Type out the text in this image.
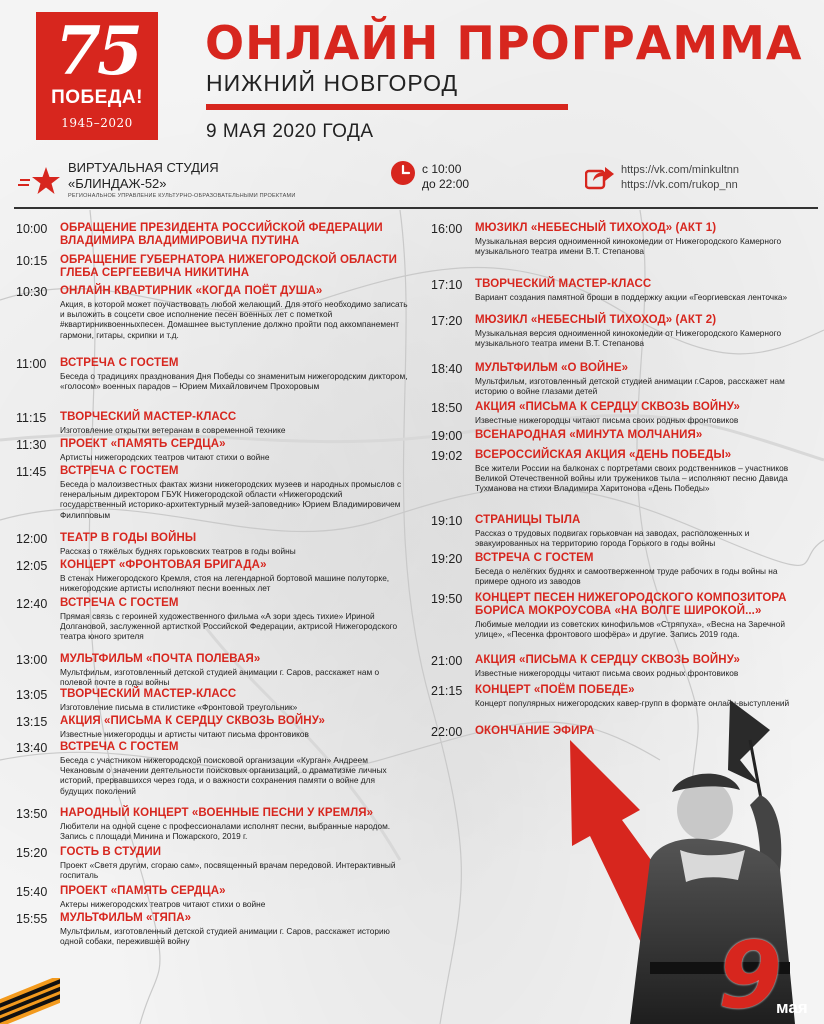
75
ПОБЕДА!
1945–2020
ОНЛАЙН ПРОГРАММА
НИЖНИЙ НОВГОРОД
9 МАЯ 2020 ГОДА
ВИРТУАЛЬНАЯ СТУДИЯ
«БЛИНДАЖ-52»
РЕГИОНАЛЬНОЕ УПРАВЛЕНИЕ КУЛЬТУРНО-ОБРАЗОВАТЕЛЬНЫМИ ПРОЕКТАМИ
с 10:00
до 22:00
https://vk.com/minkultnn
https://vk.com/rukop_nn
10:00	ОБРАЩЕНИЕ ПРЕЗИДЕНТА РОССИЙСКОЙ ФЕДЕРАЦИИ ВЛАДИМИРА ВЛАДИМИРОВИЧА ПУТИНА
10:15	ОБРАЩЕНИЕ ГУБЕРНАТОРА НИЖЕГОРОДСКОЙ ОБЛАСТИ ГЛЕБА СЕРГЕЕВИЧА НИКИТИНА
10:30	ОНЛАЙН КВАРТИРНИК «КОГДА ПОЁТ ДУША»
Акция, в которой может поучаствовать любой желающий. Для этого необходимо записать и выложить в соцсети свое исполнение песен военных лет с пометкой #квартирниквоенныхпесен. Домашнее выступление должно пройти под аккомпанемент гармони, гитары, скрипки и т.д.
11:00	ВСТРЕЧА С ГОСТЕМ
Беседа о традициях празднования Дня Победы со знаменитым нижегородским диктором, «голосом» военных парадов – Юрием Михайловичем Прохоровым
11:15	ТВОРЧЕСКИЙ МАСТЕР-КЛАСС
Изготовление открытки ветеранам в современной технике
11:30	ПРОЕКТ «ПАМЯТЬ СЕРДЦА»
Артисты нижегородских театров читают стихи о войне
11:45	ВСТРЕЧА С ГОСТЕМ
Беседа о малоизвестных фактах жизни нижегородских музеев и народных промыслов с генеральным директором ГБУК Нижегородской области «Нижегородский государственный историко-архитектурный музей-заповедник» Юрием Владимировичем Филипповым
12:00	ТЕАТР В ГОДЫ ВОЙНЫ
Рассказ о тяжёлых буднях горьковских театров в годы войны
12:05	КОНЦЕРТ «ФРОНТОВАЯ БРИГАДА»
В стенах Нижегородского Кремля, стоя на легендарной бортовой машине полуторке, нижегородские артисты исполняют песни военных лет
12:40	ВСТРЕЧА С ГОСТЕМ
Прямая связь с героиней художественного фильма «А зори здесь тихие» Ириной Долгановой, заслуженной артисткой Российской Федерации, актрисой Нижегородского театра юного зрителя
13:00	МУЛЬТФИЛЬМ «ПОЧТА ПОЛЕВАЯ»
Мультфильм, изготовленный детской студией анимации г. Саров, расскажет нам о полевой почте в годы войны
13:05	ТВОРЧЕСКИЙ МАСТЕР-КЛАСС
Изготовление письма в стилистике «Фронтовой треугольник»
13:15	АКЦИЯ «ПИСЬМА К СЕРДЦУ СКВОЗЬ ВОЙНУ»
Известные нижегородцы и артисты читают письма фронтовиков
13:40	ВСТРЕЧА С ГОСТЕМ
Беседа с участником нижегородской поисковой организации «Курган» Андреем Чекановым о значении деятельности поисковых организаций, о драматизме личных историй, прервавшихся через года, и о важности сохранения памяти о войне для будущих поколений
13:50	НАРОДНЫЙ КОНЦЕРТ «ВОЕННЫЕ ПЕСНИ У КРЕМЛЯ»
Любители на одной сцене с профессионалами исполнят песни, выбранные народом. Запись с площади Минина и Пожарского, 2019 г.
15:20	ГОСТЬ В СТУДИИ
Проект «Светя другим, сгораю сам», посвященный врачам передовой. Интерактивный госпиталь
15:40	ПРОЕКТ «ПАМЯТЬ СЕРДЦА»
Актеры нижегородских театров читают стихи о войне
15:55	МУЛЬТФИЛЬМ «ТЯПА»
Мультфильм, изготовленный детской студией анимации г. Саров, расскажет историю одной собаки, пережившей войну
16:00	МЮЗИКЛ «НЕБЕСНЫЙ ТИХОХОД» (АКТ 1)
Музыкальная версия одноименной кинокомедии от Нижегородского Камерного музыкального театра имени В.Т. Степанова
17:10	ТВОРЧЕСКИЙ МАСТЕР-КЛАСС
Вариант создания памятной броши в поддержку акции «Георгиевская ленточка»
17:20	МЮЗИКЛ «НЕБЕСНЫЙ ТИХОХОД» (АКТ 2)
Музыкальная версия одноименной кинокомедии от Нижегородского Камерного музыкального театра имени В.Т. Степанова
18:40	МУЛЬТФИЛЬМ «О ВОЙНЕ»
Мультфильм, изготовленный детской студией анимации г.Саров, расскажет нам историю о войне глазами детей
18:50	АКЦИЯ «ПИСЬМА К СЕРДЦУ СКВОЗЬ ВОЙНУ»
Известные нижегородцы читают письма своих родных фронтовиков
19:00	ВСЕНАРОДНАЯ «МИНУТА МОЛЧАНИЯ»
19:02	ВСЕРОССИЙСКАЯ АКЦИЯ «ДЕНЬ ПОБЕДЫ»
Все жители России на балконах с портретами своих родственников – участников Великой Отечественной войны или тружеников тыла – исполняют песню Давида Тухманова на стихи Владимира Харитонова «День Победы»
19:10	СТРАНИЦЫ ТЫЛА
Рассказ о трудовых подвигах горьковчан на заводах, расположенных и эвакуированных на территорию города Горького в годы войны
19:20	ВСТРЕЧА С ГОСТЕМ
Беседа о нелёгких буднях и самоотверженном труде рабочих в годы войны на примере одного из заводов
19:50	КОНЦЕРТ ПЕСЕН НИЖЕГОРОДСКОГО КОМПОЗИТОРА БОРИСА МОКРОУСОВА «НА ВОЛГЕ ШИРОКОЙ...»
Любимые мелодии из советских кинофильмов «Стряпуха», «Весна на Заречной улице», «Песенка фронтового шофёра» и другие. Запись 2019 года.
21:00	АКЦИЯ «ПИСЬМА К СЕРДЦУ СКВОЗЬ ВОЙНУ»
Известные нижегородцы читают письма своих родных фронтовиков
21:15	КОНЦЕРТ «ПОЁМ ПОБЕДЕ»
Концерт популярных нижегородских кавер-групп в формате онлайн-выступлений
22:00	ОКОНЧАНИЕ ЭФИРА
9
мая
